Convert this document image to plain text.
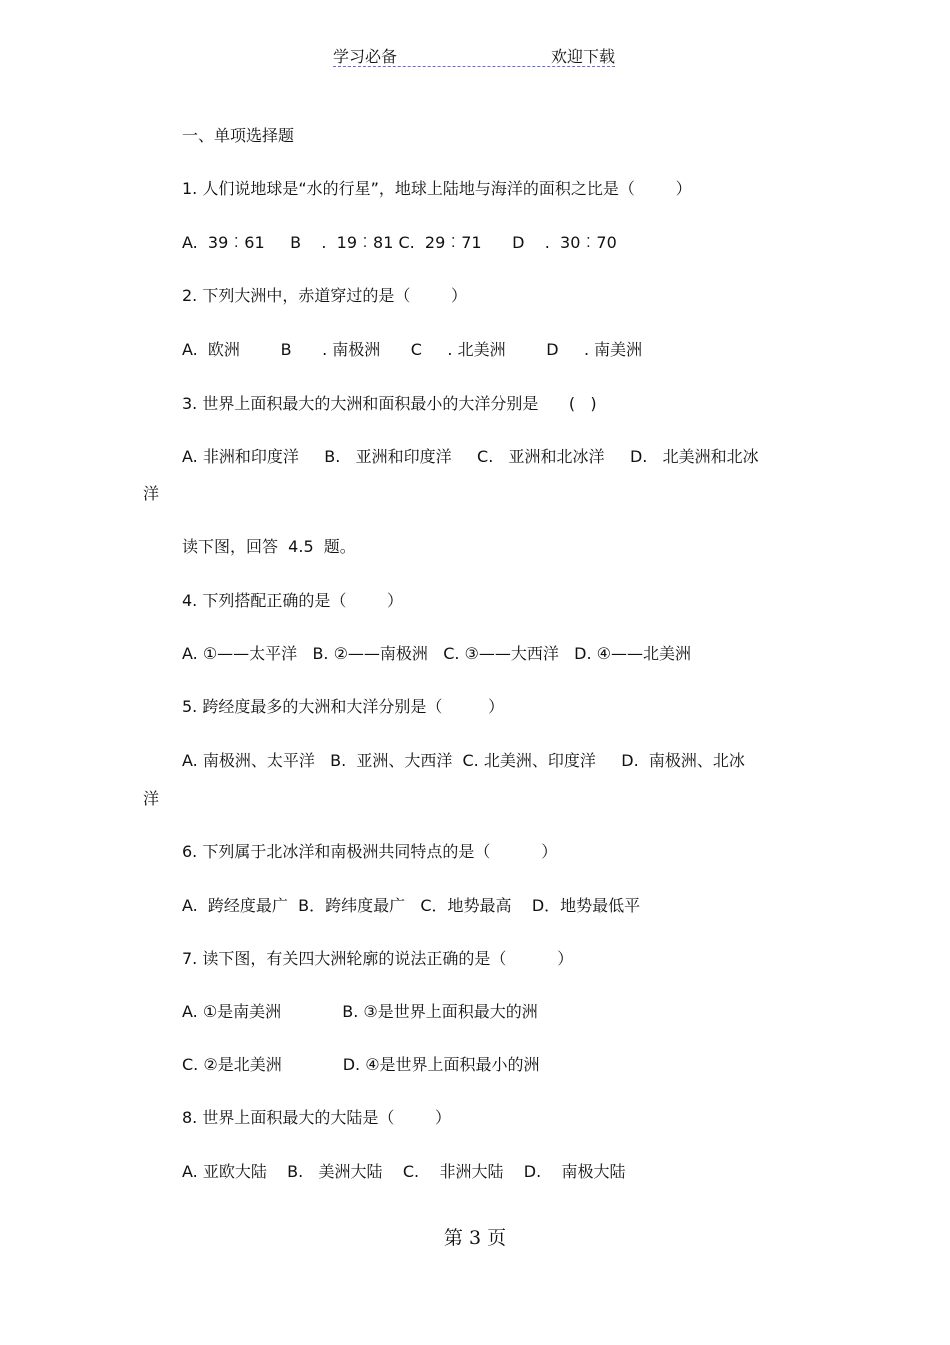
学习必备	欢迎下载
一、单项选择题
1. 人们说地球是“水的行星”，地球上陆地与海洋的面积之比是（        ）
A.  39︰61     B    .  19︰81 C.  29︰71      D    .  30︰70
2. 下列大洲中，赤道穿过的是（        ）
A.  欧洲        B      . 南极洲      C     . 北美洲        D     . 南美洲
3. 世界上面积最大的大洲和面积最小的大洋分别是      (   )
A. 非洲和印度洋     B.   亚洲和印度洋     C.   亚洲和北冰洋     D.   北美洲和北冰
洋
读下图，回答  4.5  题。
4. 下列搭配正确的是（        ）
A. ①——太平洋   B. ②——南极洲   C. ③——大西洋   D. ④——北美洲
5. 跨经度最多的大洲和大洋分别是（         ）
A. 南极洲、太平洋   B.  亚洲、大西洋  C. 北美洲、印度洋     D.  南极洲、北冰
洋
6. 下列属于北冰洋和南极洲共同特点的是（          ）
A.  跨经度最广  B．跨纬度最广   C．地势最高    D．地势最低平
7. 读下图，有关四大洲轮廓的说法正确的是（          ）
A. ①是南美洲            B. ③是世界上面积最大的洲
C. ②是北美洲            D. ④是世界上面积最小的洲
8. 世界上面积最大的大陆是（        ）
A. 亚欧大陆    B.   美洲大陆    C.    非洲大陆    D.    南极大陆
第 3 页
